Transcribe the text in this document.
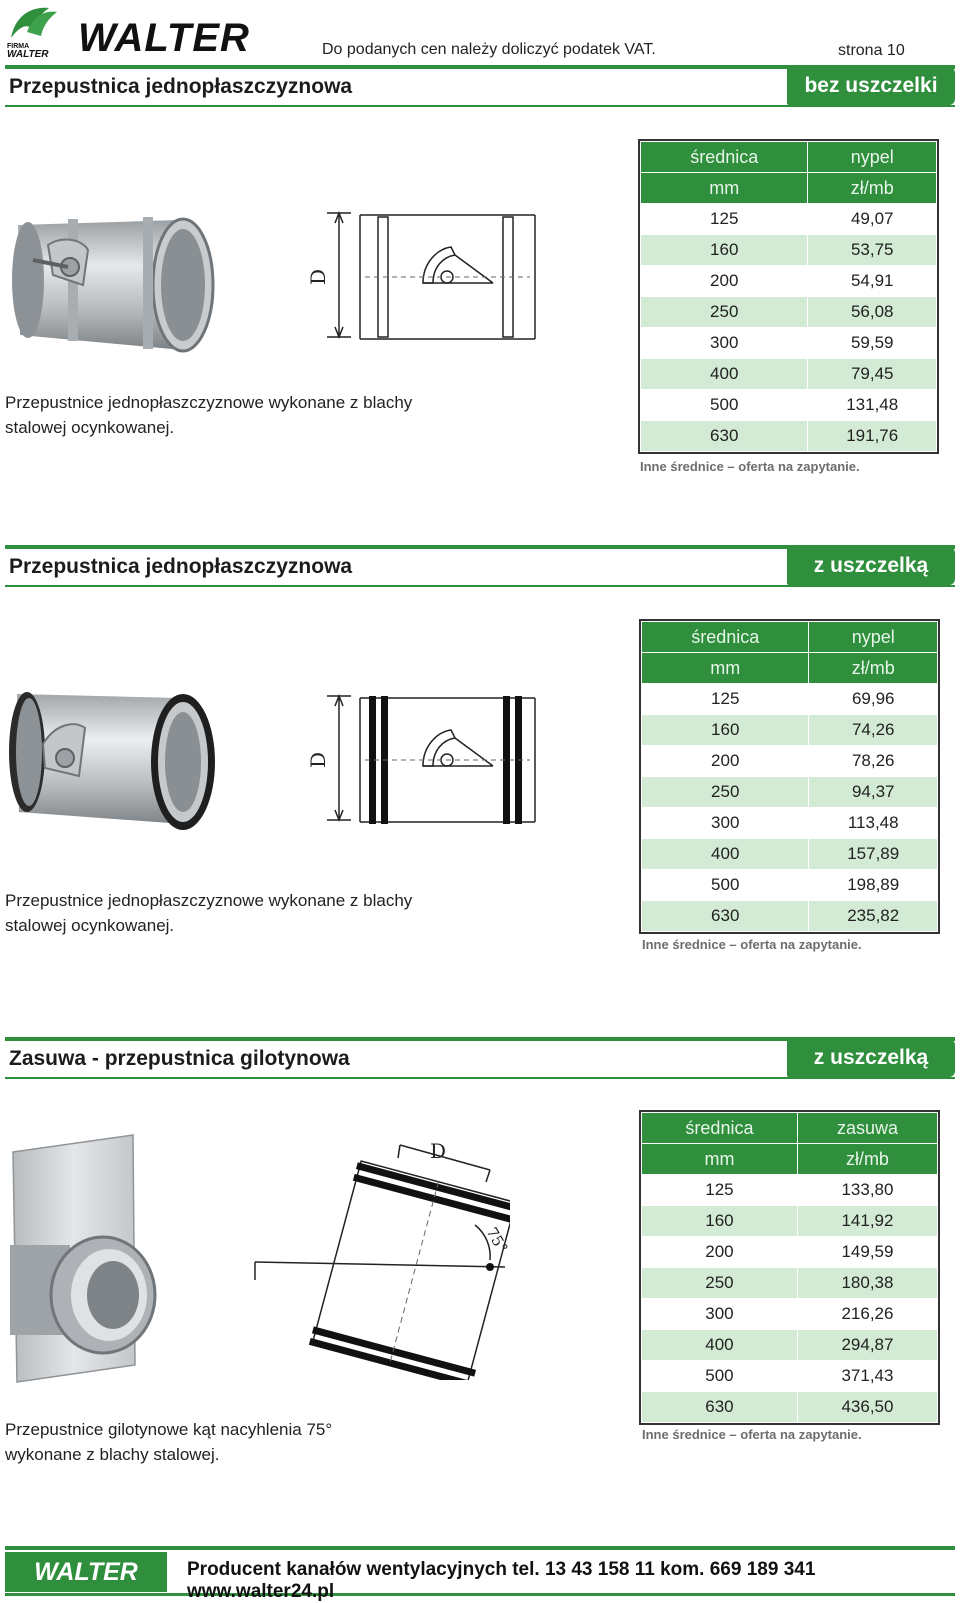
FIRMA
WALTER WALTER	Do podanych cen należy doliczyć podatek VAT.	strona 10
Przepustnica jednopłaszczyznowa	bez uszczelki
D
średnica	nypel
mm	zł/mb
125	49,07
160	53,75
200	54,91
250	56,08
300	59,59
400	79,45
500	131,48
630	191,76
Inne średnice – oferta na zapytanie.
Przepustnice jednopłaszczyznowe wykonane z blachy stalowej ocynkowanej.
Przepustnica jednopłaszczyznowa	z uszczelką
D
średnica	nypel
mm	zł/mb
125	69,96
160	74,26
200	78,26
250	94,37
300	113,48
400	157,89
500	198,89
630	235,82
Inne średnice – oferta na zapytanie.
Przepustnice jednopłaszczyznowe wykonane z blachy stalowej ocynkowanej.
Zasuwa - przepustnica gilotynowa	z uszczelką
D
75°
średnica	zasuwa
mm	zł/mb
125	133,80
160	141,92
200	149,59
250	180,38
300	216,26
400	294,87
500	371,43
630	436,50
Inne średnice – oferta na zapytanie.
Przepustnice gilotynowe kąt nacyhlenia 75° wykonane z blachy stalowej.
WALTER	Producent kanałów wentylacyjnych tel. 13 43 158 11 kom. 669 189 341 www.walter24.pl
